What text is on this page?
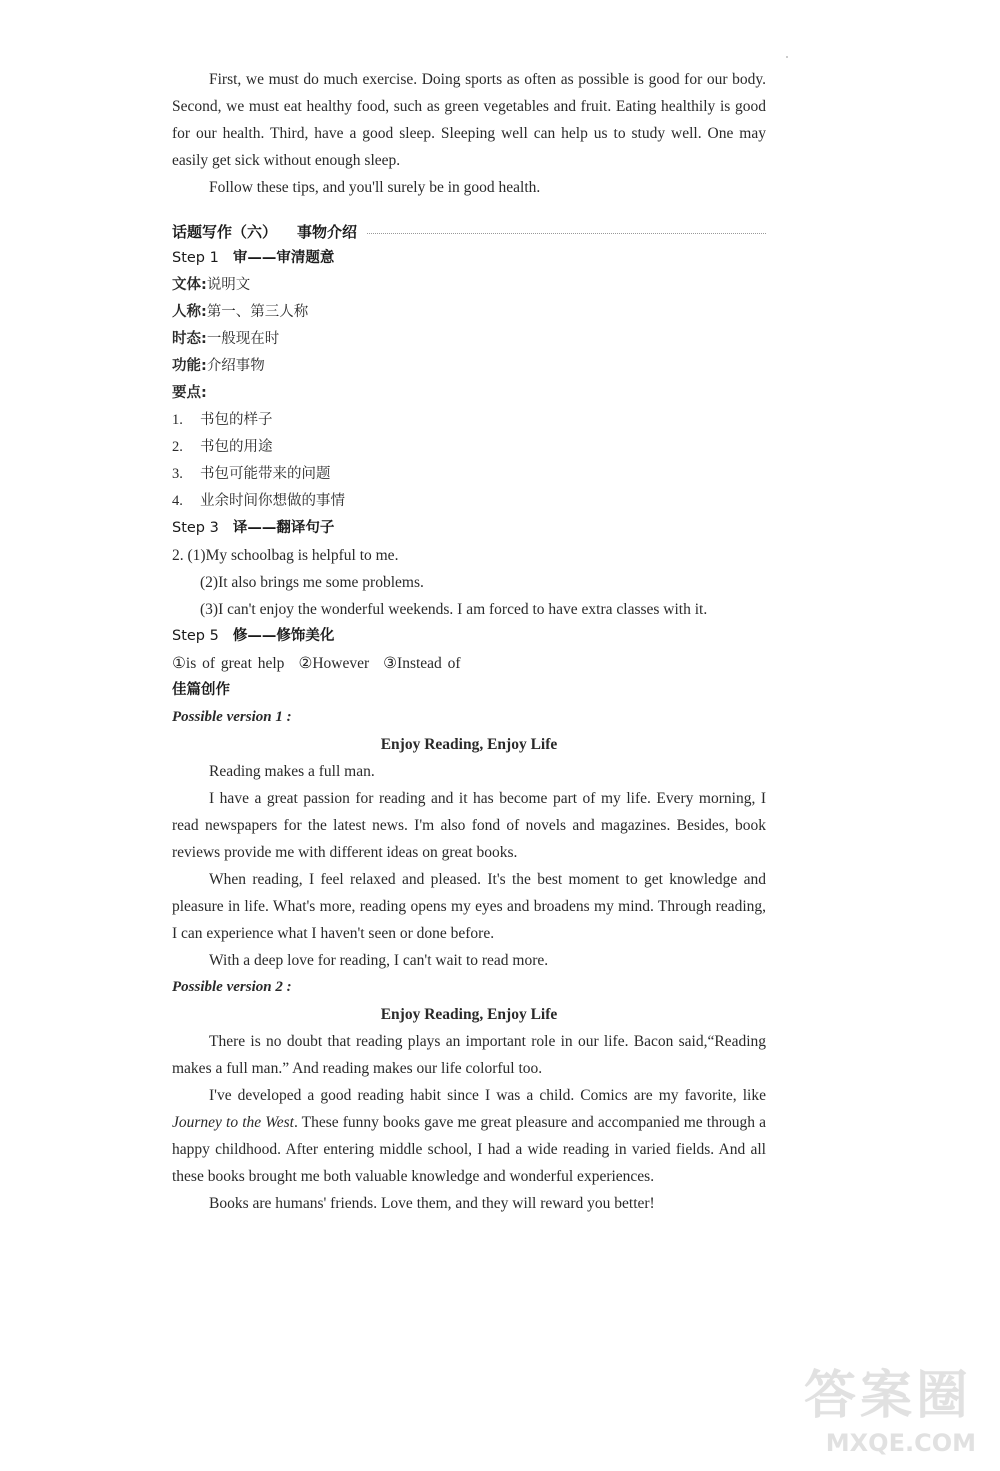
First, we must do much exercise. Doing sports as often as possible is good for our body. Second, we must eat healthy food, such as green vegetables and fruit. Eating healthily is good for our health. Third, have a good sleep. Sleeping well can help us to study well. One may easily get sick without enough sleep.

Follow these tips, and you'll surely be in good health.

话题写作（六） 事物介绍

Step 1 审——审清题意

文体:说明文

人称:第一、第三人称

时态:一般现在时

功能:介绍事物

要点:

1. 书包的样子

2. 书包的用途

3. 书包可能带来的问题

4. 业余时间你想做的事情

Step 3 译——翻译句子

2. (1)My schoolbag is helpful to me.

(2)It also brings me some problems.

(3)I can't enjoy the wonderful weekends. I am forced to have extra classes with it.

Step 5 修——修饰美化

①is of great help ②However ③Instead of

佳篇创作

Possible version 1 :

Enjoy Reading, Enjoy Life

Reading makes a full man.

I have a great passion for reading and it has become part of my life. Every morning, I read newspapers for the latest news. I'm also fond of novels and magazines. Besides, book reviews provide me with different ideas on great books.

When reading, I feel relaxed and pleased. It's the best moment to get knowledge and pleasure in life. What's more, reading opens my eyes and broadens my mind. Through reading, I can experience what I haven't seen or done before.

With a deep love for reading, I can't wait to read more.

Possible version 2 :

Enjoy Reading, Enjoy Life

There is no doubt that reading plays an important role in our life. Bacon said,“Reading makes a full man.” And reading makes our life colorful too.

I've developed a good reading habit since I was a child. Comics are my favorite, like Journey to the West. These funny books gave me great pleasure and accompanied me through a happy childhood. After entering middle school, I had a wide reading in varied fields. And all these books brought me both valuable knowledge and wonderful experiences.

Books are humans' friends. Love them, and they will reward you better!

答案圈
MXQE.COM
